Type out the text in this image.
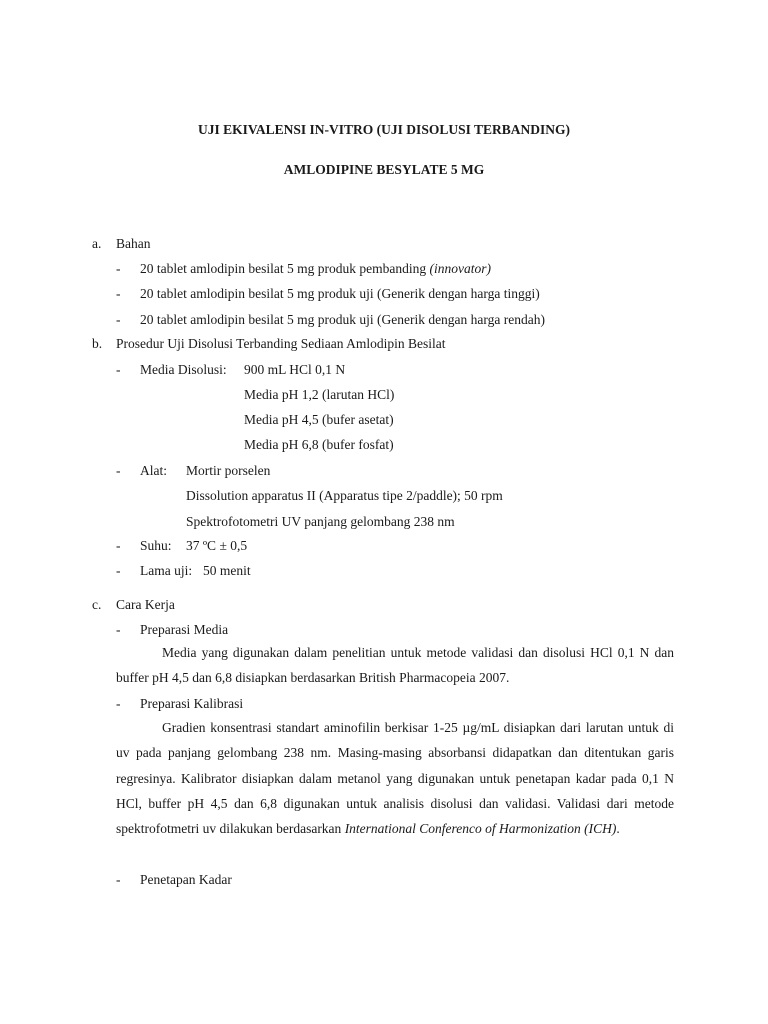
UJI EKIVALENSI IN-VITRO (UJI DISOLUSI TERBANDING)
AMLODIPINE BESYLATE 5 MG
a. Bahan
- 20 tablet amlodipin besilat 5 mg produk pembanding (innovator)
- 20 tablet amlodipin besilat 5 mg produk uji (Generik dengan harga tinggi)
- 20 tablet amlodipin besilat 5 mg produk uji (Generik dengan harga rendah)
b. Prosedur Uji Disolusi Terbanding Sediaan Amlodipin Besilat
- Media Disolusi: 900 mL HCl 0,1 N
Media pH 1,2 (larutan HCl)
Media pH 4,5 (bufer asetat)
Media pH 6,8 (bufer fosfat)
- Alat: Mortir porselen
Dissolution apparatus II (Apparatus tipe 2/paddle); 50 rpm
Spektrofotometri UV panjang gelombang 238 nm
- Suhu: 37 ºC ± 0,5
- Lama uji: 50 menit
c. Cara Kerja
- Preparasi Media
Media yang digunakan dalam penelitian untuk metode validasi dan disolusi HCl 0,1 N dan buffer pH 4,5 dan 6,8 disiapkan berdasarkan British Pharmacopeia 2007.
- Preparasi Kalibrasi
Gradien konsentrasi standart aminofilin berkisar 1-25 µg/mL disiapkan dari larutan untuk di uv pada panjang gelombang 238 nm. Masing-masing absorbansi didapatkan dan ditentukan garis regresinya. Kalibrator disiapkan dalam metanol yang digunakan untuk penetapan kadar pada 0,1 N HCl, buffer pH 4,5 dan 6,8 digunakan untuk analisis disolusi dan validasi. Validasi dari metode spektrofotmetri uv dilakukan berdasarkan International Conferenco of Harmonization (ICH).
- Penetapan Kadar
